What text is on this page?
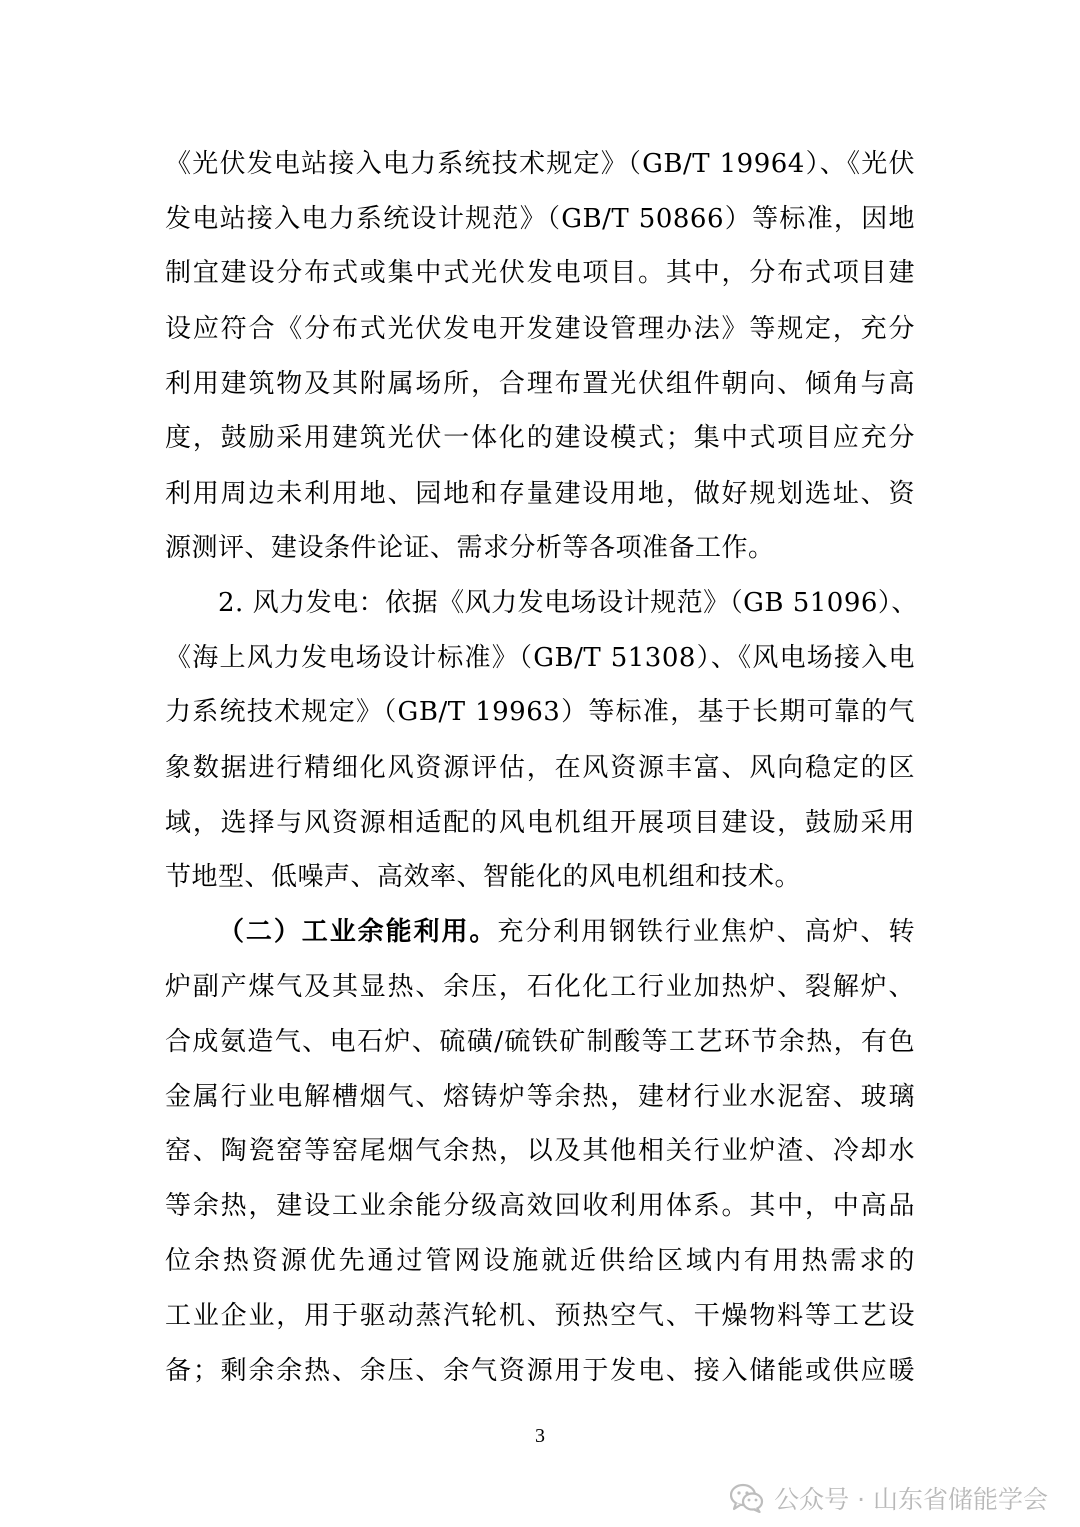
《光伏发电站接入电力系统技术规定》（GB/T 19964）、《光伏
发电站接入电力系统设计规范》（GB/T 50866）等标准，因地
制宜建设分布式或集中式光伏发电项目。其中，分布式项目建
设应符合《分布式光伏发电开发建设管理办法》等规定，充分
利用建筑物及其附属场所，合理布置光伏组件朝向、倾角与高
度，鼓励采用建筑光伏一体化的建设模式；集中式项目应充分
利用周边未利用地、园地和存量建设用地，做好规划选址、资
源测评、建设条件论证、需求分析等各项准备工作。
2. 风力发电：依据《风力发电场设计规范》（GB 51096）、
《海上风力发电场设计标准》（GB/T 51308）、《风电场接入电
力系统技术规定》（GB/T 19963）等标准，基于长期可靠的气
象数据进行精细化风资源评估，在风资源丰富、风向稳定的区
域，选择与风资源相适配的风电机组开展项目建设，鼓励采用
节地型、低噪声、高效率、智能化的风电机组和技术。
（二）工业余能利用。充分利用钢铁行业焦炉、高炉、转
炉副产煤气及其显热、余压，石化化工行业加热炉、裂解炉、
合成氨造气、电石炉、硫磺/硫铁矿制酸等工艺环节余热，有色
金属行业电解槽烟气、熔铸炉等余热，建材行业水泥窑、玻璃
窑、陶瓷窑等窑尾烟气余热，以及其他相关行业炉渣、冷却水
等余热，建设工业余能分级高效回收利用体系。其中，中高品
位余热资源优先通过管网设施就近供给区域内有用热需求的
工业企业，用于驱动蒸汽轮机、预热空气、干燥物料等工艺设
备；剩余余热、余压、余气资源用于发电、接入储能或供应暖
3
公众号 · 山东省储能学会
